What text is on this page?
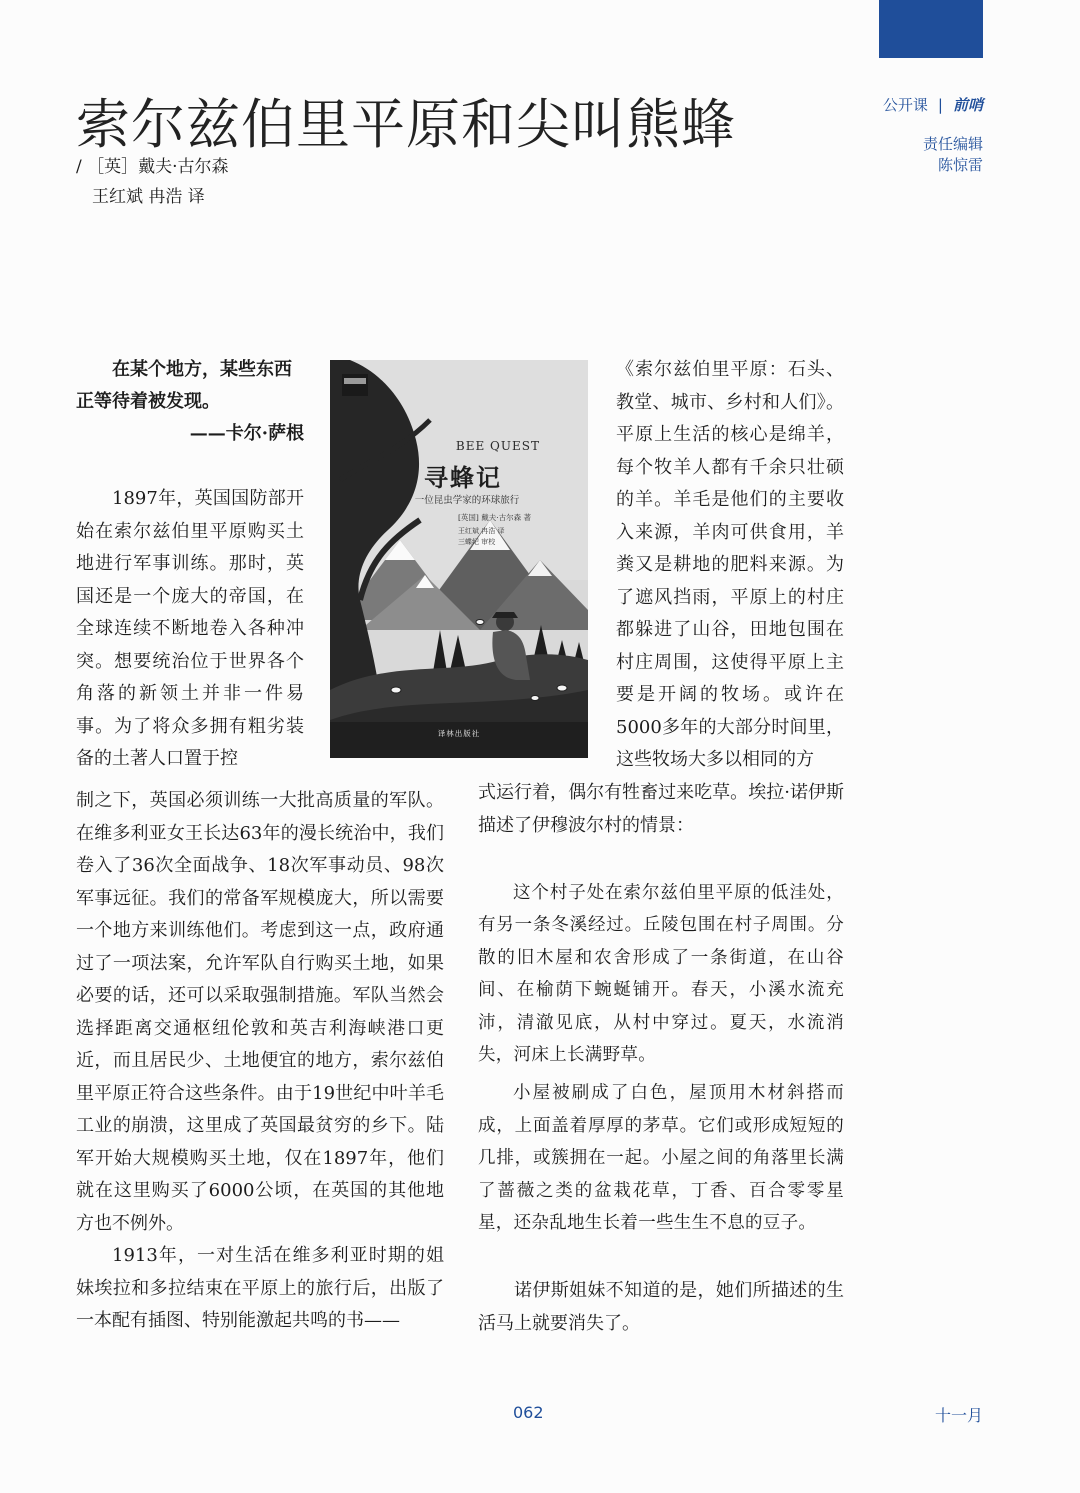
索尔兹伯里平原和尖叫熊蜂
/ ［英］戴夫·古尔森
王红斌 冉浩 译
公开课 | 前哨
责任编辑
陈惊雷
在某个地方，某些东西
正等待着被发现。
——卡尔·萨根

1897年，英国国防部开始在索尔兹伯里平原购买土地进行军事训练。那时，英国还是一个庞大的帝国，在全球连续不断地卷入各种冲突。想要统治位于世界各个角落的新领土并非一件易事。为了将众多拥有粗劣装备的土著人口置于控

制之下，英国必须训练一大批高质量的军队。在维多利亚女王长达63年的漫长统治中，我们卷入了36次全面战争、18次军事动员、98次军事远征。我们的常备军规模庞大，所以需要一个地方来训练他们。考虑到这一点，政府通过了一项法案，允许军队自行购买土地，如果必要的话，还可以采取强制措施。军队当然会选择距离交通枢纽伦敦和英吉利海峡港口更近，而且居民少、土地便宜的地方，索尔兹伯里平原正符合这些条件。由于19世纪中叶羊毛工业的崩溃，这里成了英国最贫穷的乡下。陆军开始大规模购买土地，仅在1897年，他们就在这里购买了6000公顷，在英国的其他地方也不例外。

1913年，一对生活在维多利亚时期的姐妹埃拉和多拉结束在平原上的旅行后，出版了一本配有插图、特别能激起共鸣的书——

《索尔兹伯里平原：石头、教堂、城市、乡村和人们》。平原上生活的核心是绵羊，每个牧羊人都有千余只壮硕的羊。羊毛是他们的主要收入来源，羊肉可供食用，羊粪又是耕地的肥料来源。为了遮风挡雨，平原上的村庄都躲进了山谷，田地包围在村庄周围，这使得平原上主要是开阔的牧场。或许在5000多年的大部分时间里，这些牧场大多以相同的方

式运行着，偶尔有牲畜过来吃草。埃拉·诺伊斯描述了伊穆波尔村的情景：

这个村子处在索尔兹伯里平原的低洼处，有另一条冬溪经过。丘陵包围在村子周围。分散的旧木屋和农舍形成了一条街道，在山谷间、在榆荫下蜿蜒铺开。春天，小溪水流充沛，清澈见底，从村中穿过。夏天，水流消失，河床上长满野草。

小屋被刷成了白色，屋顶用木材斜搭而成，上面盖着厚厚的茅草。它们或形成短短的几排，或簇拥在一起。小屋之间的角落里长满了蔷薇之类的盆栽花草，丁香、百合零零星星，还杂乱地生长着一些生生不息的豆子。

诺伊斯姐妹不知道的是，她们所描述的生活马上就要消失了。

BEE QUEST
寻蜂记
一位昆虫学家的环球旅行
[英国] 戴夫·古尔森 著
王红斌 冉浩 译
三蝶纪 审校
译林出版社
062	十一月
